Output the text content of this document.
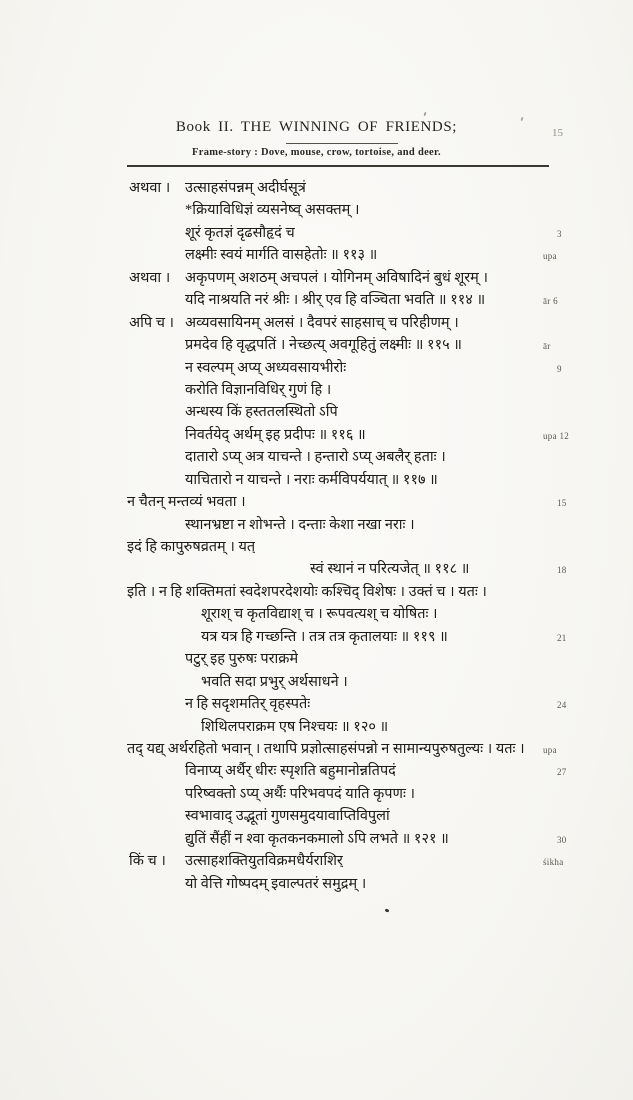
Book II. THE WINNING OF FRIENDS;	15
Frame-story : Dove, mouse, crow, tortoise, and deer.
अथवा । उत्साहसंपन्नम् अदीर्घसूत्रं
*क्रियाविधिज्ञं व्यसनेष्व् असक्तम् ।
शूरं कृतज्ञं दृढसौहृदं च	3
लक्ष्मीः स्वयं मार्गति वासहेतोः ॥ ११३ ॥	upa
अथवा । अकृपणम् अशठम् अचपलं । योगिनम् अविषादिनं बुधं शूरम् ।
यदि नाश्रयति नरं श्रीः । श्रीर् एव हि वञ्चिता भवति ॥ ११४ ॥	ār 6
अपि च । अव्यवसायिनम् अलसं । दैवपरं साहसाच् च परिहीणम् ।
प्रमदेव हि वृद्धपतिं । नेच्छत्य् अवगूहितुं लक्ष्मीः ॥ ११५ ॥	ār
न स्वल्पम् अप्य् अध्यवसायभीरोः	9
करोति विज्ञानविधिर् गुणं हि ।
अन्धस्य किं हस्ततलस्थितो ऽपि
निवर्तयेद् अर्थम् इह प्रदीपः ॥ ११६ ॥	upa 12
दातारो ऽप्य् अत्र याचन्ते । हन्तारो ऽप्य् अबलैर् हताः ।
याचितारो न याचन्ते । नराः कर्मविपर्ययात् ॥ ११७ ॥
न चैतन् मन्तव्यं भवता ।	15
स्थानभ्रष्टा न शोभन्ते । दन्ताः केशा नखा नराः ।
इदं हि कापुरुषव्रतम् । यत्
स्वं स्थानं न परित्यजेत् ॥ ११८ ॥	18
इति । न हि शक्तिमतां स्वदेशपरदेशयोः कश्चिद् विशेषः । उक्तं च । यतः ।
शूराश् च कृतविद्याश् च । रूपवत्यश् च योषितः ।
यत्र यत्र हि गच्छन्ति । तत्र तत्र कृतालयाः ॥ ११९ ॥	21
पटुर् इह पुरुषः पराक्रमे
भवति सदा प्रभुर् अर्थसाधने ।
न हि सदृशमतिर् वृहस्पतेः	24
शिथिलपराक्रम एष निश्चयः ॥ १२० ॥
तद् यद्य् अर्थरहितो भवान् । तथापि प्रज्ञोत्साहसंपन्नो न सामान्यपुरुषतुल्यः । यतः । upa
विनाप्य् अर्थैर् धीरः स्पृशति बहुमानोन्नतिपदं	27
परिष्वक्तो ऽप्य् अर्थैः परिभवपदं याति कृपणः ।
स्वभावाद् उद्भूतां गुणसमुदयावाप्तिविपुलां
द्युतिं सैंहीं न श्वा कृतकनकमालो ऽपि लभते ॥ १२१ ॥	30
किं च । उत्साहशक्तियुतविक्रमधैर्यराशिर्	śikha
यो वेत्ति गोष्पदम् इवाल्पतरं समुद्रम् ।
